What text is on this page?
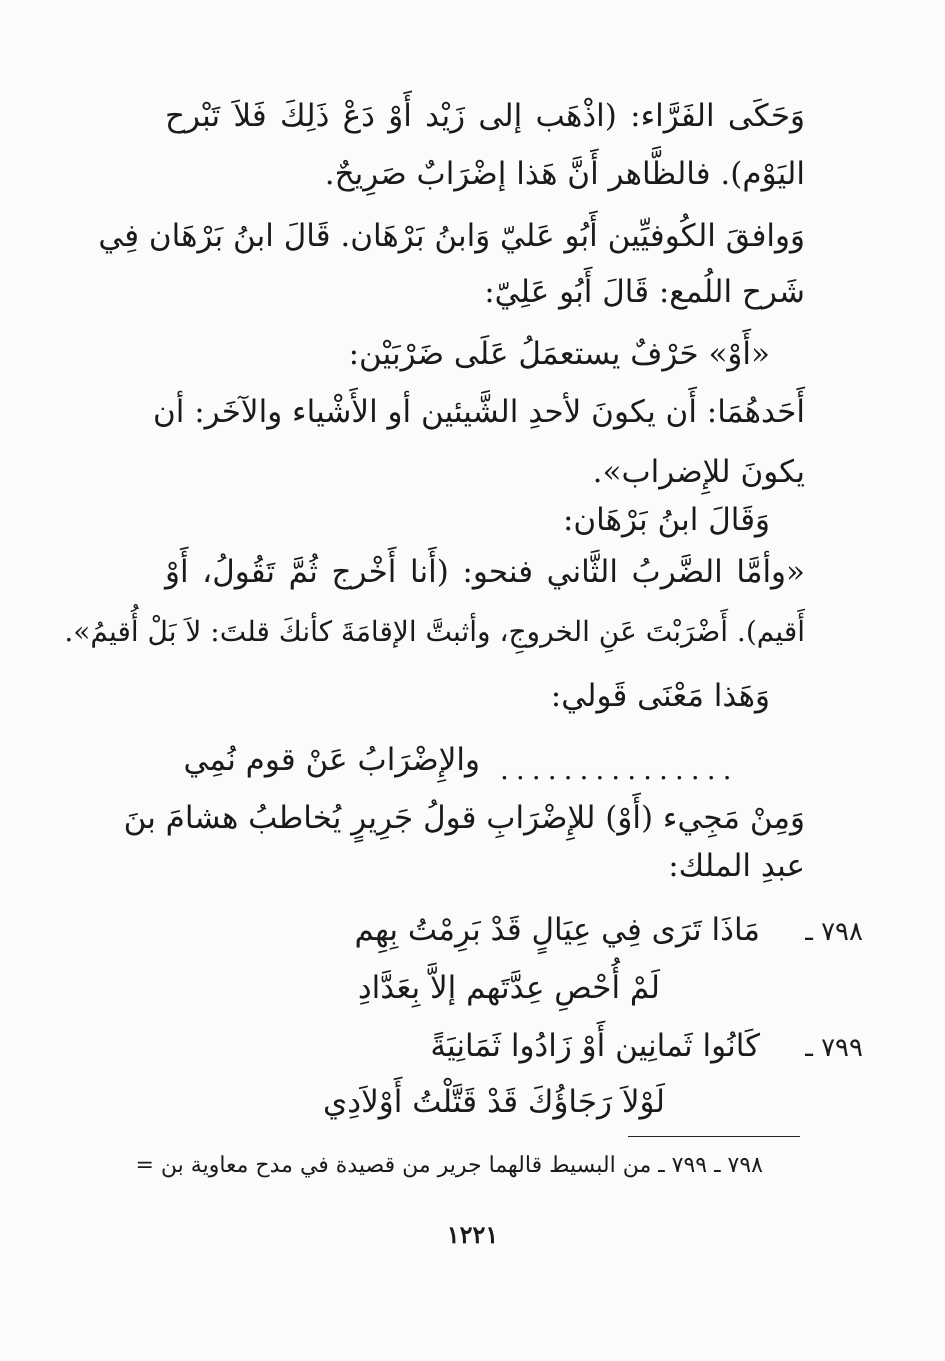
وَحَكَى الفَرَّاء: (اذْهَب إلى زَيْد أَوْ دَعْ ذَلِكَ فَلاَ تَبْرح
اليَوْم). فالظَّاهر أَنَّ هَذا إضْرَابٌ صَرِيحٌ.
وَوافقَ الكُوفيِّين أَبُو عَليّ وَابنُ بَرْهَان. قَالَ ابنُ بَرْهَان فِي
شَرح اللُمع: قَالَ أَبُو عَلِيّ:
«أَوْ» حَرْفٌ يستعمَلُ عَلَى ضَرْبَيْن:
أَحَدهُمَا: أَن يكونَ لأحدِ الشَّيئين أو الأَشْياء والآخَر: أن
يكونَ للإِضراب».
وَقَالَ ابنُ بَرْهَان:
«وأمَّا الضَّربُ الثَّاني فنحو: (أَنا أَخْرج ثُمَّ تَقُولُ، أَوْ
أَقيم). أَضْرَبْتَ عَنِ الخروجِ، وأثبتَّ الإقامَةَ كأنكَ قلتَ: لاَ بَلْ أُقيمُ».
وَهَذا مَعْنَى قَولي:
...............
والإِضْرَابُ عَنْ قوم نُمِي
وَمِنْ مَجِيء (أَوْ) للإِضْرَابِ قولُ جَرِيرٍ يُخاطبُ هشامَ بنَ
عبدِ الملك:
٧٩٨ ـ
مَاذَا تَرَى فِي عِيَالٍ قَدْ بَرِمْتُ بِهِم
لَمْ أُحْصِ عِدَّتَهم إلاَّ بِعَدَّادِ
٧٩٩ ـ
كَانُوا ثَمانِين أَوْ زَادُوا ثَمَانِيَةً
لَوْلاَ رَجَاؤُكَ قَدْ قَتَّلْتُ أَوْلاَدِي
٧٩٨ ـ ٧٩٩ ـ من البسيط قالهما جرير من قصيدة في مدح معاوية بن =
١٢٢١
